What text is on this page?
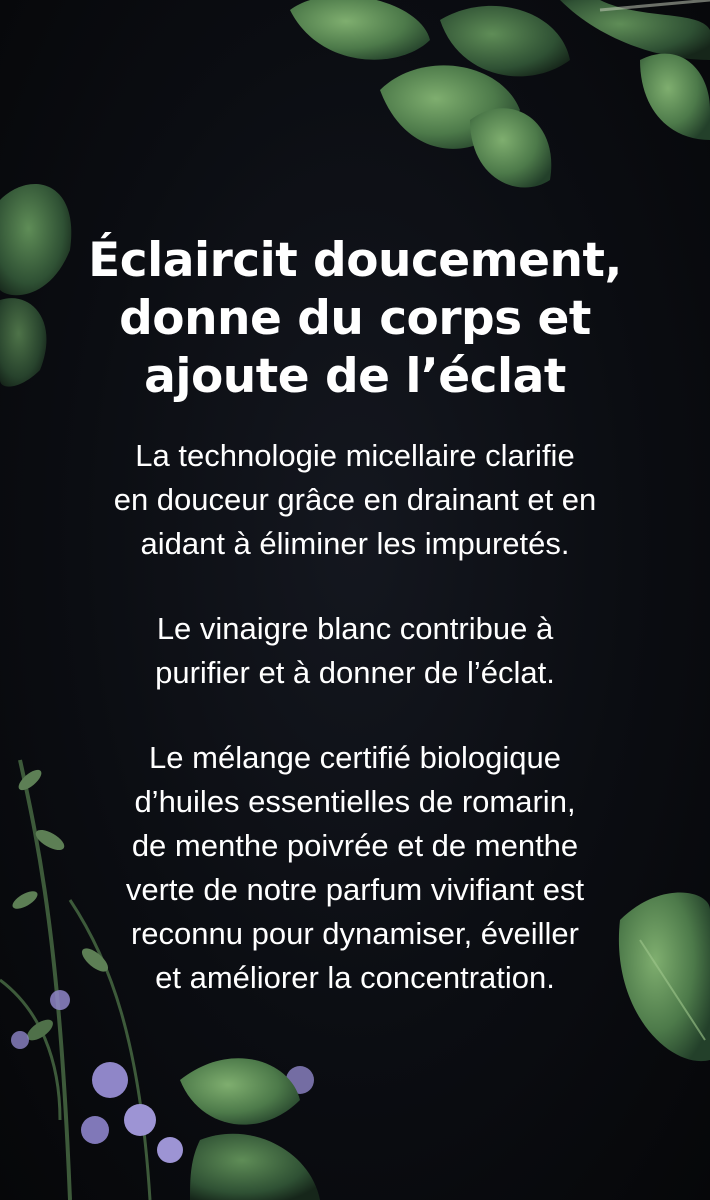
Éclaircit doucement,
donne du corps et
ajoute de l’éclat

La technologie micellaire clarifie
en douceur grâce en drainant et en
aidant à éliminer les impuretés.

Le vinaigre blanc contribue à
purifier et à donner de l’éclat.

Le mélange certifié biologique
d’huiles essentielles de romarin,
de menthe poivrée et de menthe
verte de notre parfum vivifiant est
reconnu pour dynamiser, éveiller
et améliorer la concentration.
